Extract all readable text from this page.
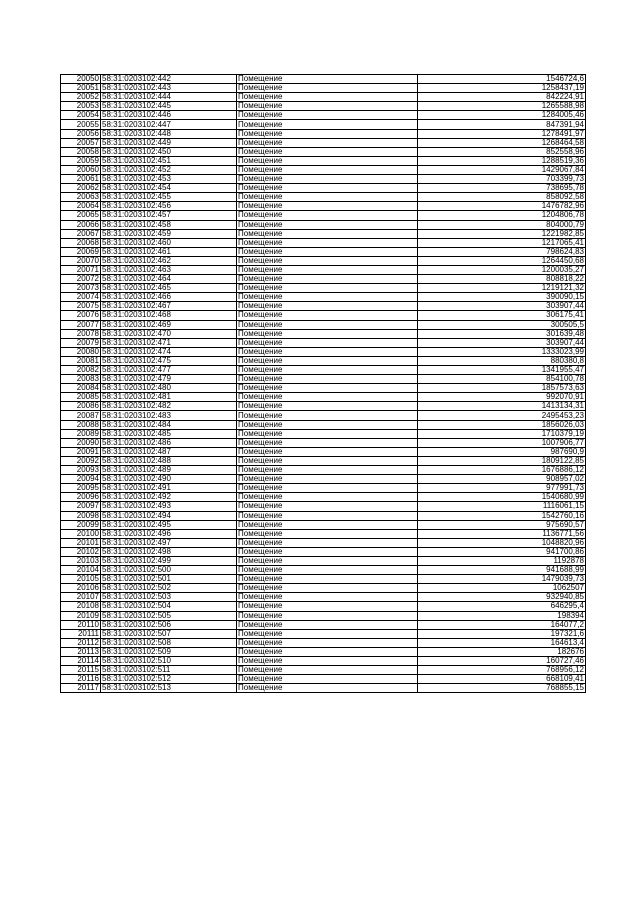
20050	58:31:0203102:442	Помещение	1546724,6
20051	58:31:0203102:443	Помещение	1258437,19
20052	58:31:0203102:444	Помещение	842224,91
20053	58:31:0203102:445	Помещение	1265588,98
20054	58:31:0203102:446	Помещение	1284005,46
20055	58:31:0203102:447	Помещение	847391,94
20056	58:31:0203102:448	Помещение	1278491,97
20057	58:31:0203102:449	Помещение	1268464,58
20058	58:31:0203102:450	Помещение	852558,96
20059	58:31:0203102:451	Помещение	1288519,36
20060	58:31:0203102:452	Помещение	1429067,84
20061	58:31:0203102:453	Помещение	703399,73
20062	58:31:0203102:454	Помещение	738695,78
20063	58:31:0203102:455	Помещение	858092,58
20064	58:31:0203102:456	Помещение	1476782,96
20065	58:31:0203102:457	Помещение	1204806,78
20066	58:31:0203102:458	Помещение	804000,79
20067	58:31:0203102:459	Помещение	1221982,85
20068	58:31:0203102:460	Помещение	1217065,41
20069	58:31:0203102:461	Помещение	798624,83
20070	58:31:0203102:462	Помещение	1264450,68
20071	58:31:0203102:463	Помещение	1200035,27
20072	58:31:0203102:464	Помещение	808818,22
20073	58:31:0203102:465	Помещение	1219121,32
20074	58:31:0203102:466	Помещение	390090,15
20075	58:31:0203102:467	Помещение	303907,44
20076	58:31:0203102:468	Помещение	306175,41
20077	58:31:0203102:469	Помещение	300505,5
20078	58:31:0203102:470	Помещение	301639,48
20079	58:31:0203102:471	Помещение	303907,44
20080	58:31:0203102:474	Помещение	1333023,99
20081	58:31:0203102:475	Помещение	880380,8
20082	58:31:0203102:477	Помещение	1341955,47
20083	58:31:0203102:479	Помещение	854100,78
20084	58:31:0203102:480	Помещение	1857573,63
20085	58:31:0203102:481	Помещение	992070,91
20086	58:31:0203102:482	Помещение	1413134,31
20087	58:31:0203102:483	Помещение	2495453,23
20088	58:31:0203102:484	Помещение	1856026,03
20089	58:31:0203102:485	Помещение	1710379,19
20090	58:31:0203102:486	Помещение	1007906,77
20091	58:31:0203102:487	Помещение	987690,9
20092	58:31:0203102:488	Помещение	1809122,85
20093	58:31:0203102:489	Помещение	1676886,12
20094	58:31:0203102:490	Помещение	908957,02
20095	58:31:0203102:491	Помещение	977991,73
20096	58:31:0203102:492	Помещение	1540680,99
20097	58:31:0203102:493	Помещение	1116061,15
20098	58:31:0203102:494	Помещение	1542760,16
20099	58:31:0203102:495	Помещение	975690,57
20100	58:31:0203102:496	Помещение	1136771,56
20101	58:31:0203102:497	Помещение	1048820,96
20102	58:31:0203102:498	Помещение	941700,86
20103	58:31:0203102:499	Помещение	1192878
20104	58:31:0203102:500	Помещение	941688,99
20105	58:31:0203102:501	Помещение	1479039,73
20106	58:31:0203102:502	Помещение	1062507
20107	58:31:0203102:503	Помещение	932940,85
20108	58:31:0203102:504	Помещение	646295,4
20109	58:31:0203102:505	Помещение	198394
20110	58:31:0203102:506	Помещение	164077,2
20111	58:31:0203102:507	Помещение	197321,6
20112	58:31:0203102:508	Помещение	164613,4
20113	58:31:0203102:509	Помещение	182676
20114	58:31:0203102:510	Помещение	160727,46
20115	58:31:0203102:511	Помещение	768956,12
20116	58:31:0203102:512	Помещение	668109,41
20117	58:31:0203102:513	Помещение	768855,15
